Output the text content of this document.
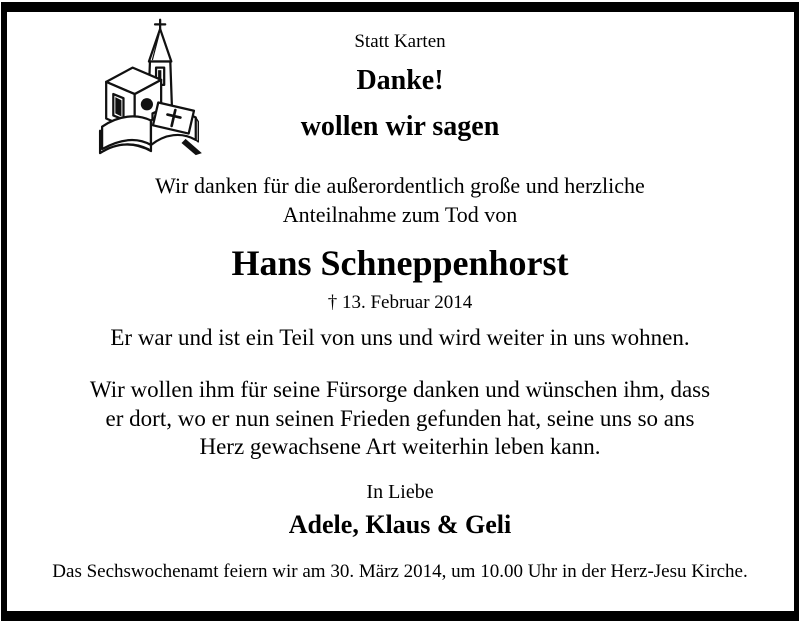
Statt Karten
Danke!
wollen wir sagen
Wir danken für die außerordentlich große und herzliche
Anteilnahme zum Tod von
Hans Schneppenhorst
† 13. Februar 2014
Er war und ist ein Teil von uns und wird weiter in uns wohnen.
Wir wollen ihm für seine Fürsorge danken und wünschen ihm, dass
er dort, wo er nun seinen Frieden gefunden hat, seine uns so ans
Herz gewachsene Art weiterhin leben kann.
In Liebe
Adele, Klaus & Geli
Das Sechswochenamt feiern wir am 30. März 2014, um 10.00 Uhr in der Herz-Jesu Kirche.
